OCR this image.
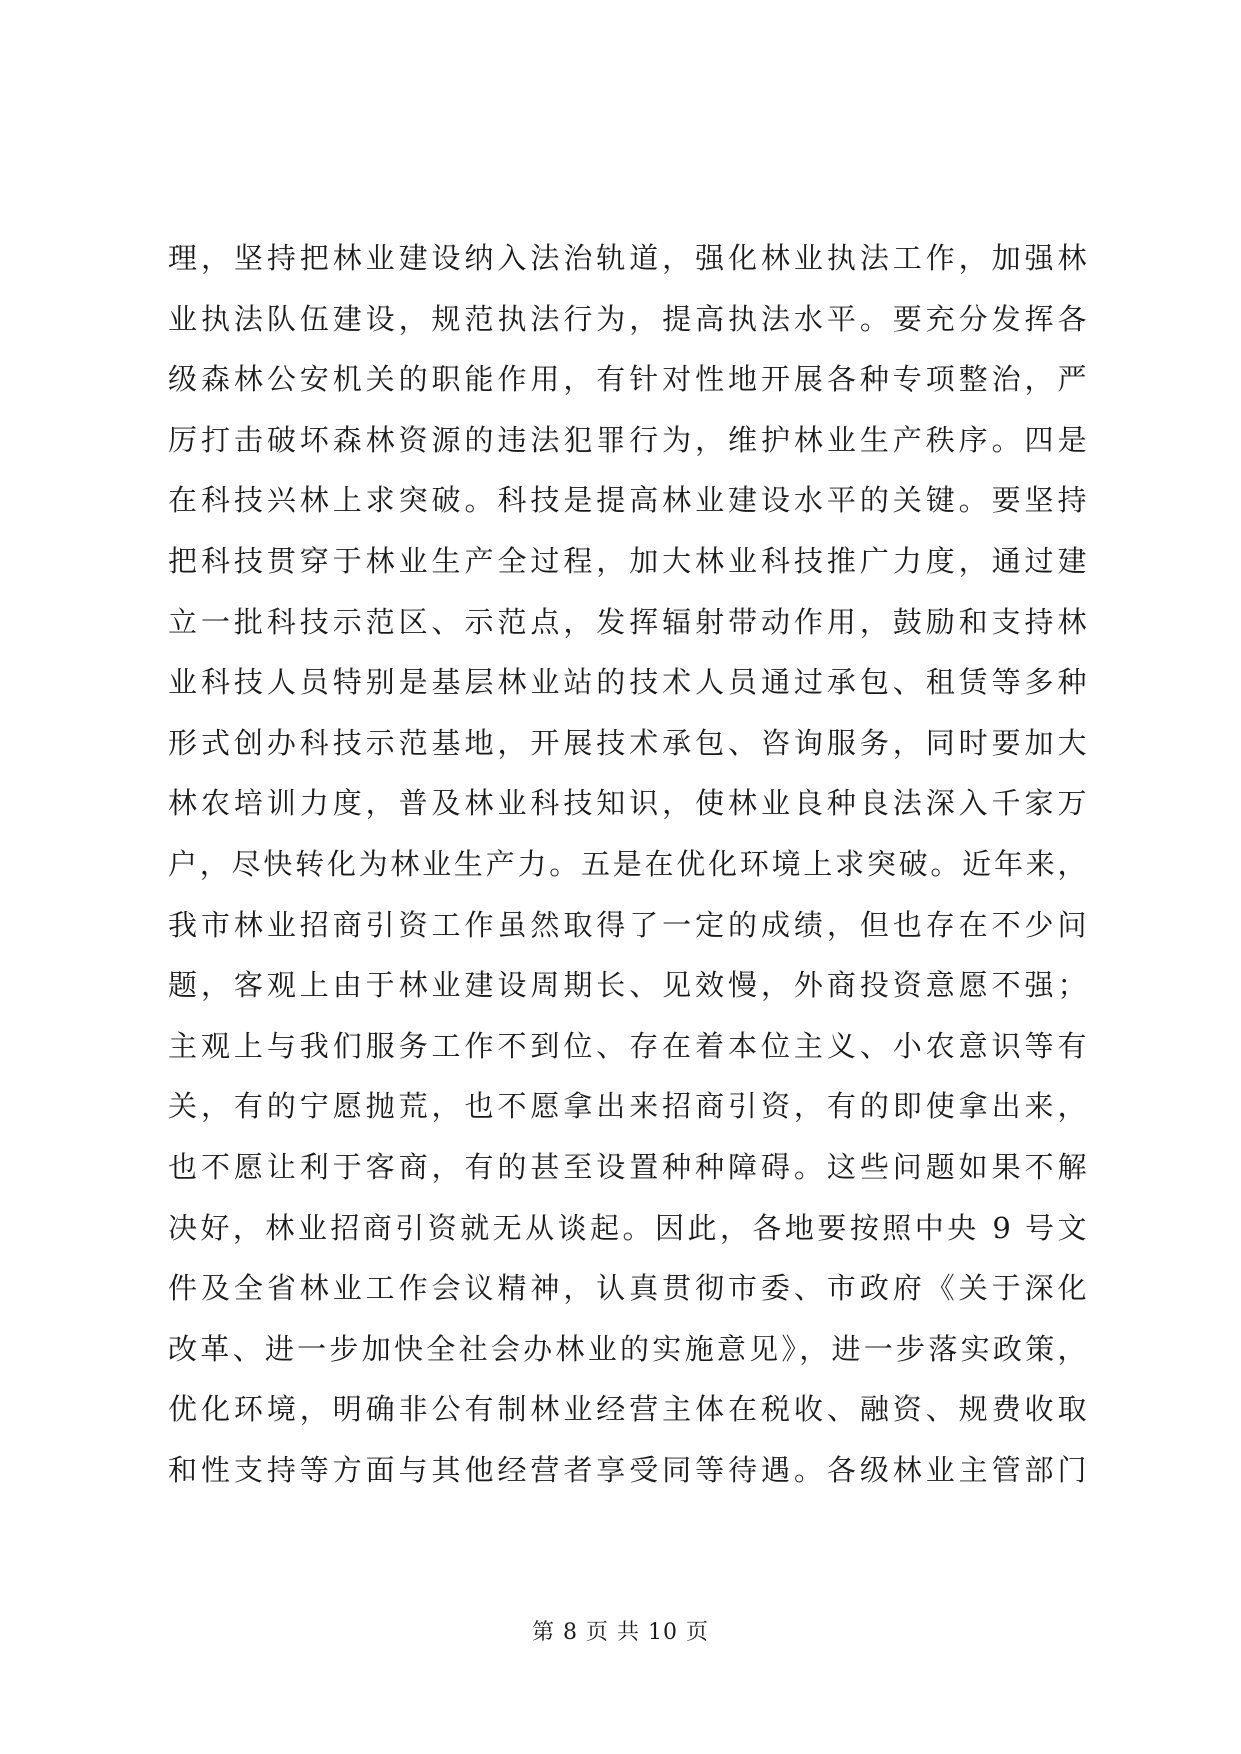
理，坚持把林业建设纳入法治轨道，强化林业执法工作，加强林
业执法队伍建设，规范执法行为，提高执法水平。要充分发挥各
级森林公安机关的职能作用，有针对性地开展各种专项整治，严
厉打击破坏森林资源的违法犯罪行为，维护林业生产秩序。四是
在科技兴林上求突破。科技是提高林业建设水平的关键。要坚持
把科技贯穿于林业生产全过程，加大林业科技推广力度，通过建
立一批科技示范区、示范点，发挥辐射带动作用，鼓励和支持林
业科技人员特别是基层林业站的技术人员通过承包、租赁等多种
形式创办科技示范基地，开展技术承包、咨询服务，同时要加大
林农培训力度，普及林业科技知识，使林业良种良法深入千家万
户，尽快转化为林业生产力。五是在优化环境上求突破。近年来，
我市林业招商引资工作虽然取得了一定的成绩，但也存在不少问
题，客观上由于林业建设周期长、见效慢，外商投资意愿不强；
主观上与我们服务工作不到位、存在着本位主义、小农意识等有
关，有的宁愿抛荒，也不愿拿出来招商引资，有的即使拿出来，
也不愿让利于客商，有的甚至设置种种障碍。这些问题如果不解
决好，林业招商引资就无从谈起。因此，各地要按照中央 9 号文
件及全省林业工作会议精神，认真贯彻市委、市政府《关于深化
改革、进一步加快全社会办林业的实施意见》，进一步落实政策，
优化环境，明确非公有制林业经营主体在税收、融资、规费收取
和性支持等方面与其他经营者享受同等待遇。各级林业主管部门
第 8 页 共 10 页
